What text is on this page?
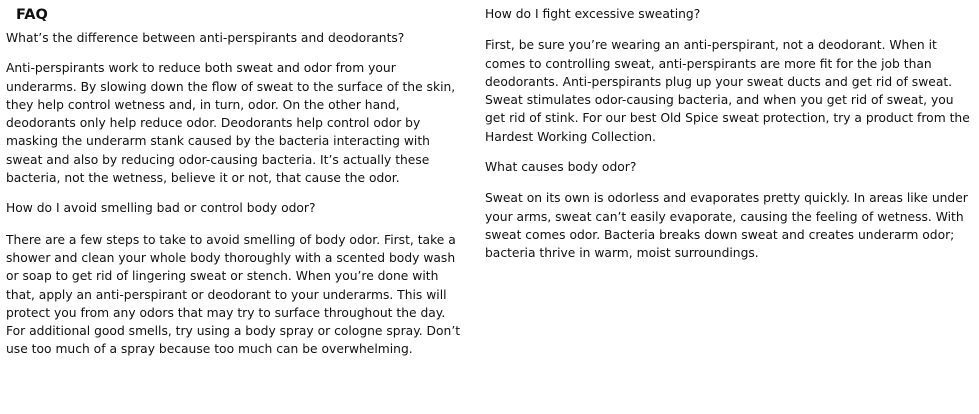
FAQ

What’s the difference between anti-perspirants and deodorants?

Anti-perspirants work to reduce both sweat and odor from your underarms. By slowing down the flow of sweat to the surface of the skin, they help control wetness and, in turn, odor. On the other hand, deodorants only help reduce odor. Deodorants help control odor by masking the underarm stank caused by the bacteria interacting with sweat and also by reducing odor-causing bacteria. It’s actually these bacteria, not the wetness, believe it or not, that cause the odor.

How do I avoid smelling bad or control body odor?

There are a few steps to take to avoid smelling of body odor. First, take a shower and clean your whole body thoroughly with a scented body wash or soap to get rid of lingering sweat or stench. When you’re done with that, apply an anti-perspirant or deodorant to your underarms. This will protect you from any odors that may try to surface throughout the day. For additional good smells, try using a body spray or cologne spray. Don’t use too much of a spray because too much can be overwhelming.

How do I fight excessive sweating?

First, be sure you’re wearing an anti-perspirant, not a deodorant. When it comes to controlling sweat, anti-perspirants are more fit for the job than deodorants. Anti-perspirants plug up your sweat ducts and get rid of sweat. Sweat stimulates odor-causing bacteria, and when you get rid of sweat, you get rid of stink. For our best Old Spice sweat protection, try a product from the Hardest Working Collection.

What causes body odor?

Sweat on its own is odorless and evaporates pretty quickly. In areas like under your arms, sweat can’t easily evaporate, causing the feeling of wetness. With sweat comes odor. Bacteria breaks down sweat and creates underarm odor; bacteria thrive in warm, moist surroundings.
